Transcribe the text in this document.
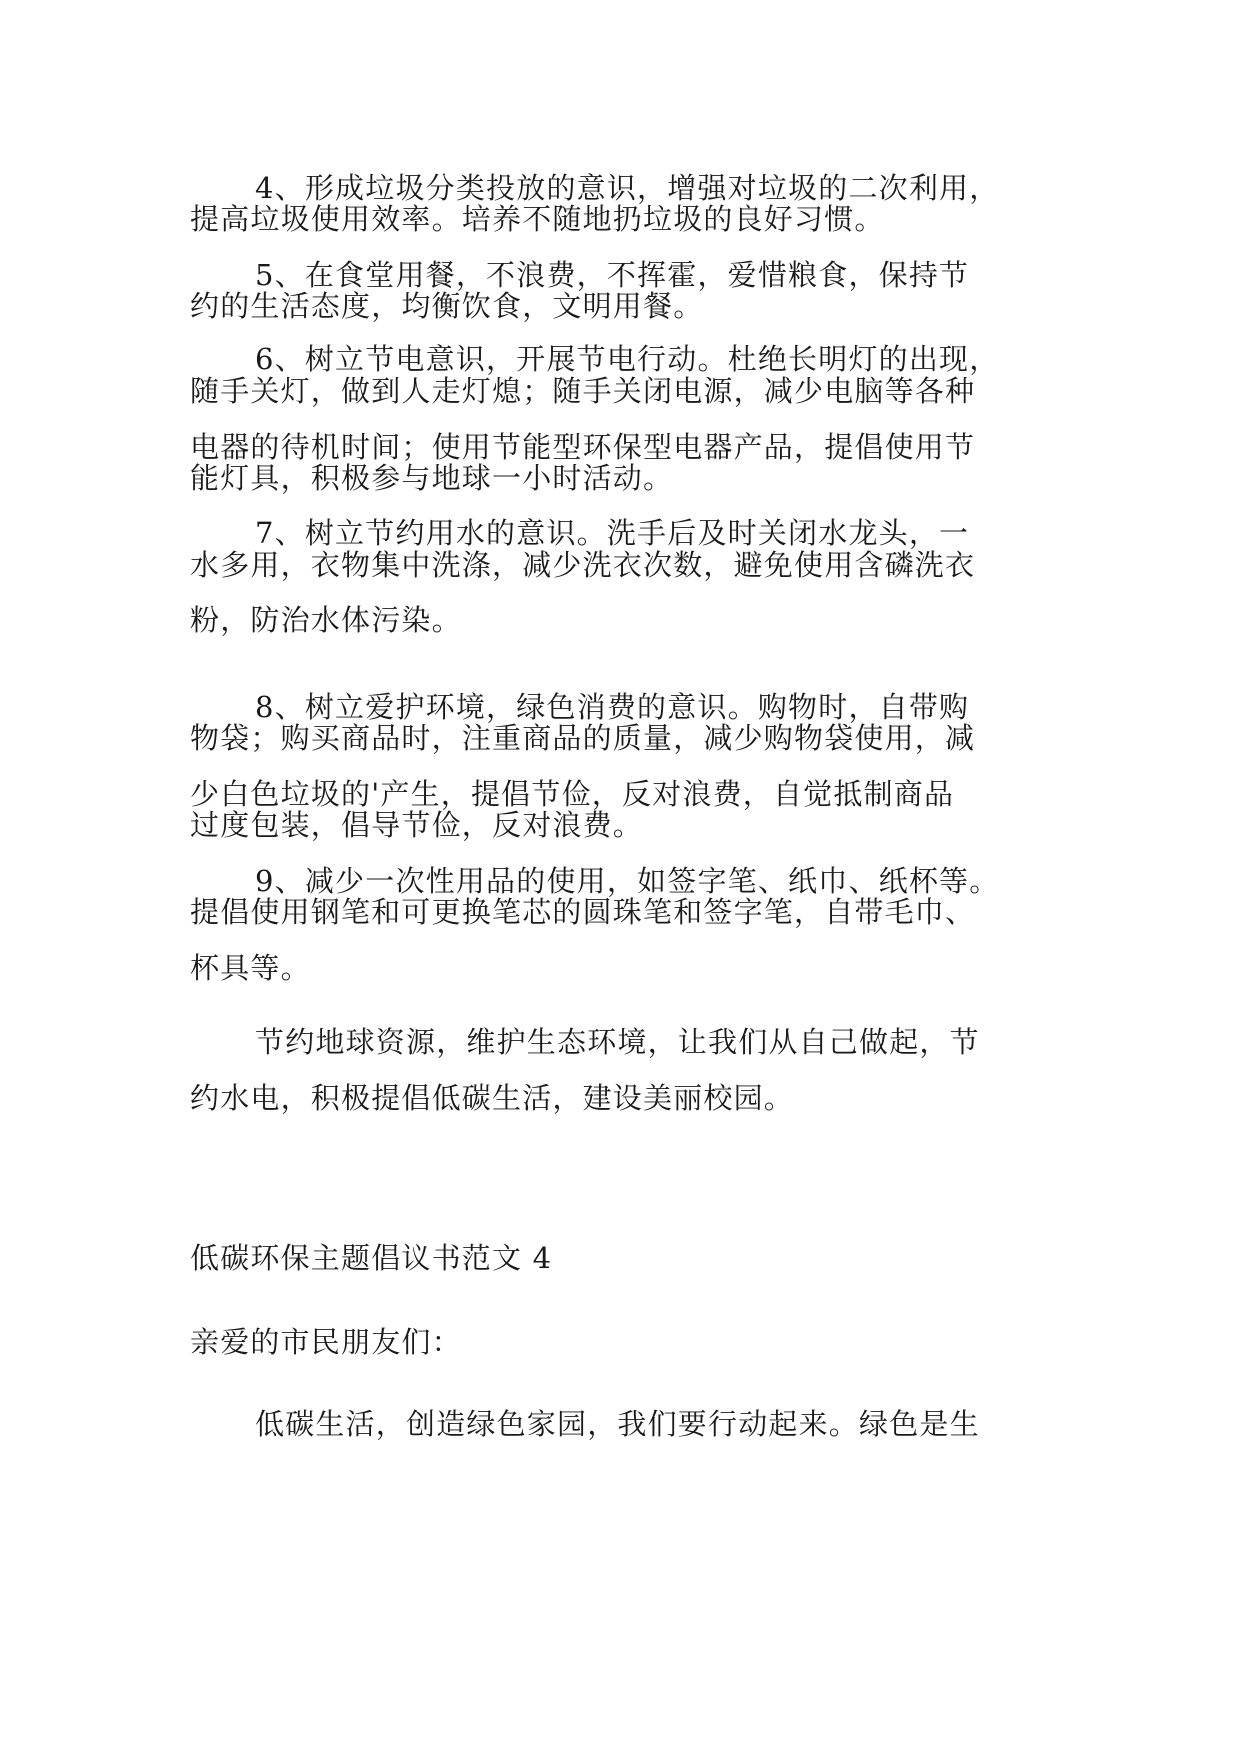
4、形成垃圾分类投放的意识，增强对垃圾的二次利用，
提高垃圾使用效率。培养不随地扔垃圾的良好习惯。
5、在食堂用餐，不浪费，不挥霍，爱惜粮食，保持节
约的生活态度，均衡饮食，文明用餐。
6、树立节电意识，开展节电行动。杜绝长明灯的出现，
随手关灯，做到人走灯熄；随手关闭电源，减少电脑等各种
电器的待机时间；使用节能型环保型电器产品，提倡使用节
能灯具，积极参与地球一小时活动。
7、树立节约用水的意识。洗手后及时关闭水龙头，一
水多用，衣物集中洗涤，减少洗衣次数，避免使用含磷洗衣
粉，防治水体污染。
8、树立爱护环境，绿色消费的意识。购物时，自带购
物袋；购买商品时，注重商品的质量，减少购物袋使用，减
少白色垃圾的'产生，提倡节俭，反对浪费，自觉抵制商品
过度包装，倡导节俭，反对浪费。
9、减少一次性用品的使用，如签字笔、纸巾、纸杯等。
提倡使用钢笔和可更换笔芯的圆珠笔和签字笔，自带毛巾、
杯具等。
节约地球资源，维护生态环境，让我们从自己做起，节
约水电，积极提倡低碳生活，建设美丽校园。
低碳环保主题倡议书范文 4
亲爱的市民朋友们：
低碳生活，创造绿色家园，我们要行动起来。绿色是生
